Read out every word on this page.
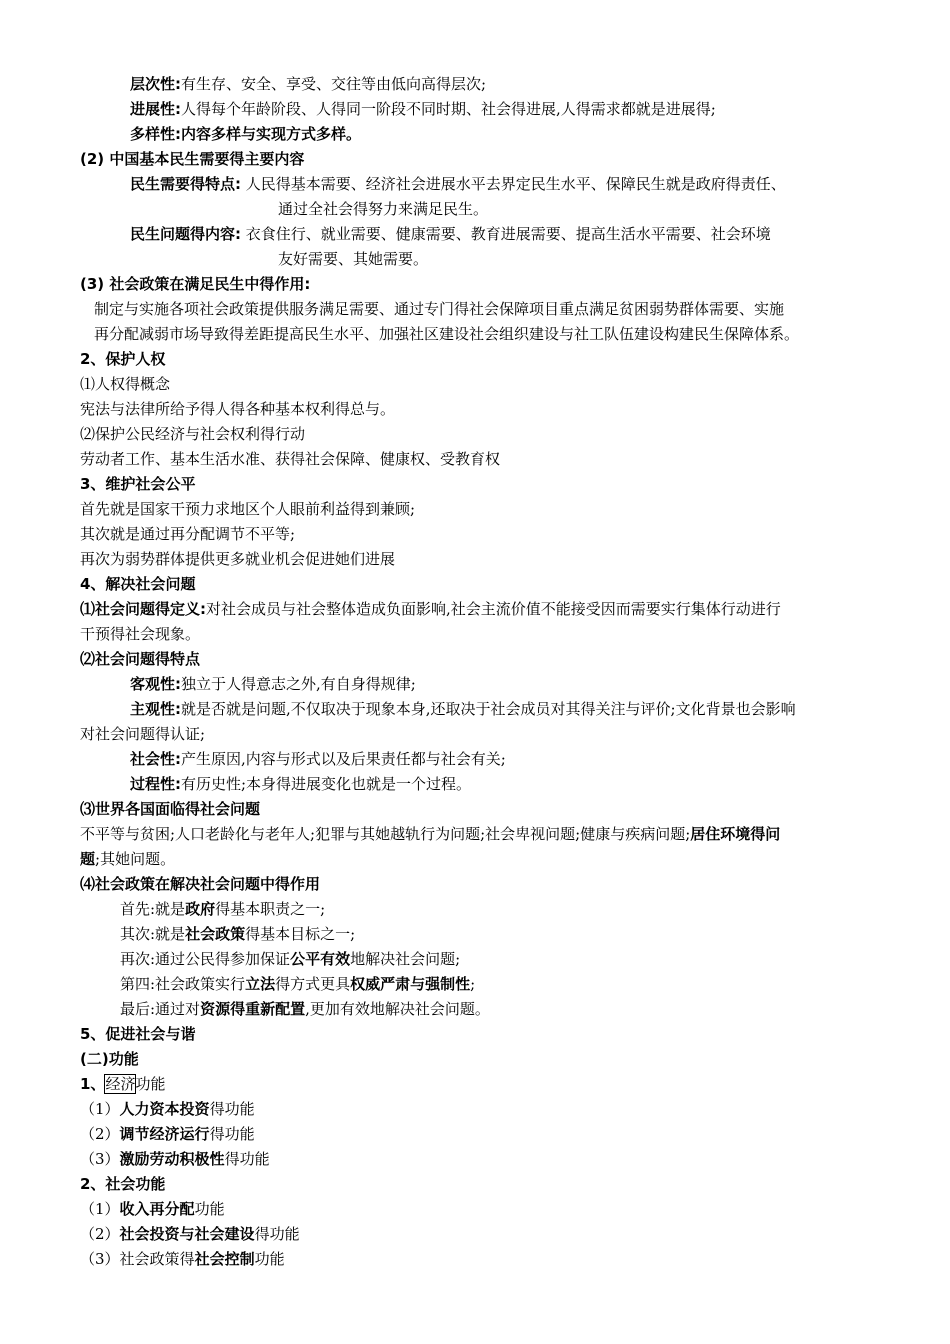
层次性:有生存、安全、享受、交往等由低向高得层次;
进展性:人得每个年龄阶段、人得同一阶段不同时期、社会得进展,人得需求都就是进展得;
多样性:内容多样与实现方式多样。
(2) 中国基本民生需要得主要内容
民生需要得特点: 人民得基本需要、经济社会进展水平去界定民生水平、保障民生就是政府得责任、
通过全社会得努力来满足民生。
民生问题得内容: 衣食住行、就业需要、健康需要、教育进展需要、提高生活水平需要、社会环境
友好需要、其她需要。
(3) 社会政策在满足民生中得作用:
制定与实施各项社会政策提供服务满足需要、通过专门得社会保障项目重点满足贫困弱势群体需要、实施
再分配减弱市场导致得差距提高民生水平、加强社区建设社会组织建设与社工队伍建设构建民生保障体系。
2、保护人权
⑴人权得概念
宪法与法律所给予得人得各种基本权利得总与。
⑵保护公民经济与社会权利得行动
劳动者工作、基本生活水准、获得社会保障、健康权、受教育权
3、维护社会公平
首先就是国家干预力求地区个人眼前利益得到兼顾;
其次就是通过再分配调节不平等;
再次为弱势群体提供更多就业机会促进她们进展
4、解决社会问题
⑴社会问题得定义:对社会成员与社会整体造成负面影响,社会主流价值不能接受因而需要实行集体行动进行
干预得社会现象。
⑵社会问题得特点
客观性:独立于人得意志之外,有自身得规律;
主观性:就是否就是问题,不仅取决于现象本身,还取决于社会成员对其得关注与评价;文化背景也会影响
对社会问题得认证;
社会性:产生原因,内容与形式以及后果责任都与社会有关;
过程性:有历史性;本身得进展变化也就是一个过程。
⑶世界各国面临得社会问题
不平等与贫困;人口老龄化与老年人;犯罪与其她越轨行为问题;社会卑视问题;健康与疾病问题;居住环境得问
题;其她问题。
⑷社会政策在解决社会问题中得作用
首先:就是政府得基本职责之一;
其次:就是社会政策得基本目标之一;
再次:通过公民得参加保证公平有效地解决社会问题;
第四:社会政策实行立法得方式更具权威严肃与强制性;
最后:通过对资源得重新配置,更加有效地解决社会问题。
5、促进社会与谐
(二)功能
1、经济功能
（1）人力资本投资得功能
（2）调节经济运行得功能
（3）激励劳动积极性得功能
2、社会功能
（1）收入再分配功能
（2）社会投资与社会建设得功能
（3）社会政策得社会控制功能
